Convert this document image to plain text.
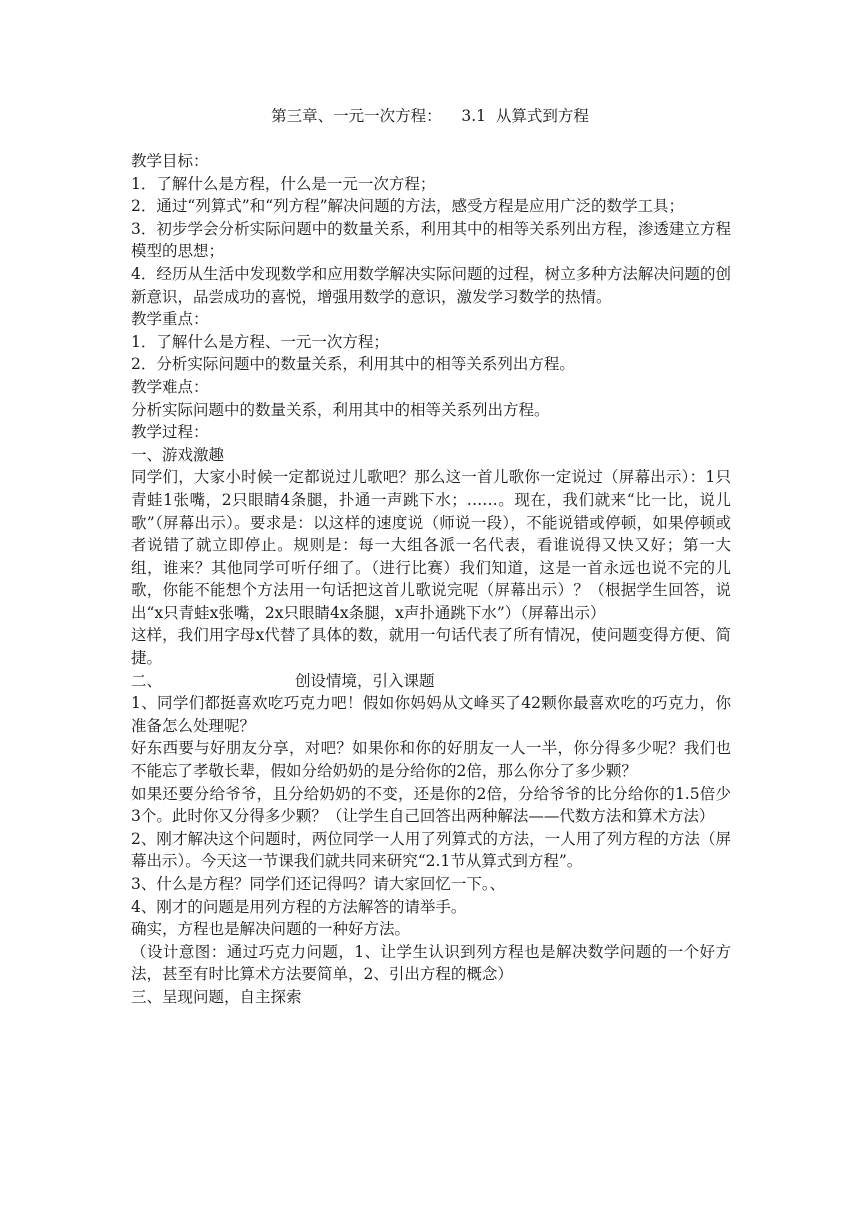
第三章、一元一次方程：    3.1  从算式到方程

教学目标：

1．了解什么是方程，什么是一元一次方程；

2．通过“列算式”和“列方程”解决问题的方法，感受方程是应用广泛的数学工具；

3．初步学会分析实际问题中的数量关系，利用其中的相等关系列出方程，渗透建立方程模型的思想；

4．经历从生活中发现数学和应用数学解决实际问题的过程，树立多种方法解决问题的创新意识，品尝成功的喜悦，增强用数学的意识，激发学习数学的热情。

教学重点：

1．了解什么是方程、一元一次方程；

2．分析实际问题中的数量关系，利用其中的相等关系列出方程。

教学难点：

分析实际问题中的数量关系，利用其中的相等关系列出方程。

教学过程：

一、游戏激趣

同学们，大家小时候一定都说过儿歌吧？那么这一首儿歌你一定说过（屏幕出示）：1只青蛙1张嘴，2只眼睛4条腿，扑通一声跳下水；……。现在，我们就来“比一比，说儿歌”（屏幕出示）。要求是：以这样的速度说（师说一段），不能说错或停顿，如果停顿或者说错了就立即停止。规则是：每一大组各派一名代表，看谁说得又快又好；第一大组，谁来？其他同学可听仔细了。（进行比赛）我们知道，这是一首永远也说不完的儿歌，你能不能想个方法用一句话把这首儿歌说完呢（屏幕出示）？（根据学生回答，说出“x只青蛙x张嘴，2x只眼睛4x条腿，x声扑通跳下水”）（屏幕出示）

这样，我们用字母x代替了具体的数，就用一句话代表了所有情况，使问题变得方便、简捷。

二、                           创设情境，引入课题

1、同学们都挺喜欢吃巧克力吧！假如你妈妈从文峰买了42颗你最喜欢吃的巧克力，你准备怎么处理呢？

好东西要与好朋友分享，对吧？如果你和你的好朋友一人一半，你分得多少呢？我们也不能忘了孝敬长辈，假如分给奶奶的是分给你的2倍，那么你分了多少颗？

如果还要分给爷爷，且分给奶奶的不变，还是你的2倍，分给爷爷的比分给你的1.5倍少3个。此时你又分得多少颗？（让学生自己回答出两种解法——代数方法和算术方法）

2、刚才解决这个问题时，两位同学一人用了列算式的方法，一人用了列方程的方法（屏幕出示）。今天这一节课我们就共同来研究“2.1节从算式到方程”。

3、什么是方程？同学们还记得吗？请大家回忆一下。、

4、刚才的问题是用列方程的方法解答的请举手。

确实，方程也是解决问题的一种好方法。

（设计意图：通过巧克力问题，1、让学生认识到列方程也是解决数学问题的一个好方法，甚至有时比算术方法要简单，2、引出方程的概念）

三、呈现问题，自主探索
